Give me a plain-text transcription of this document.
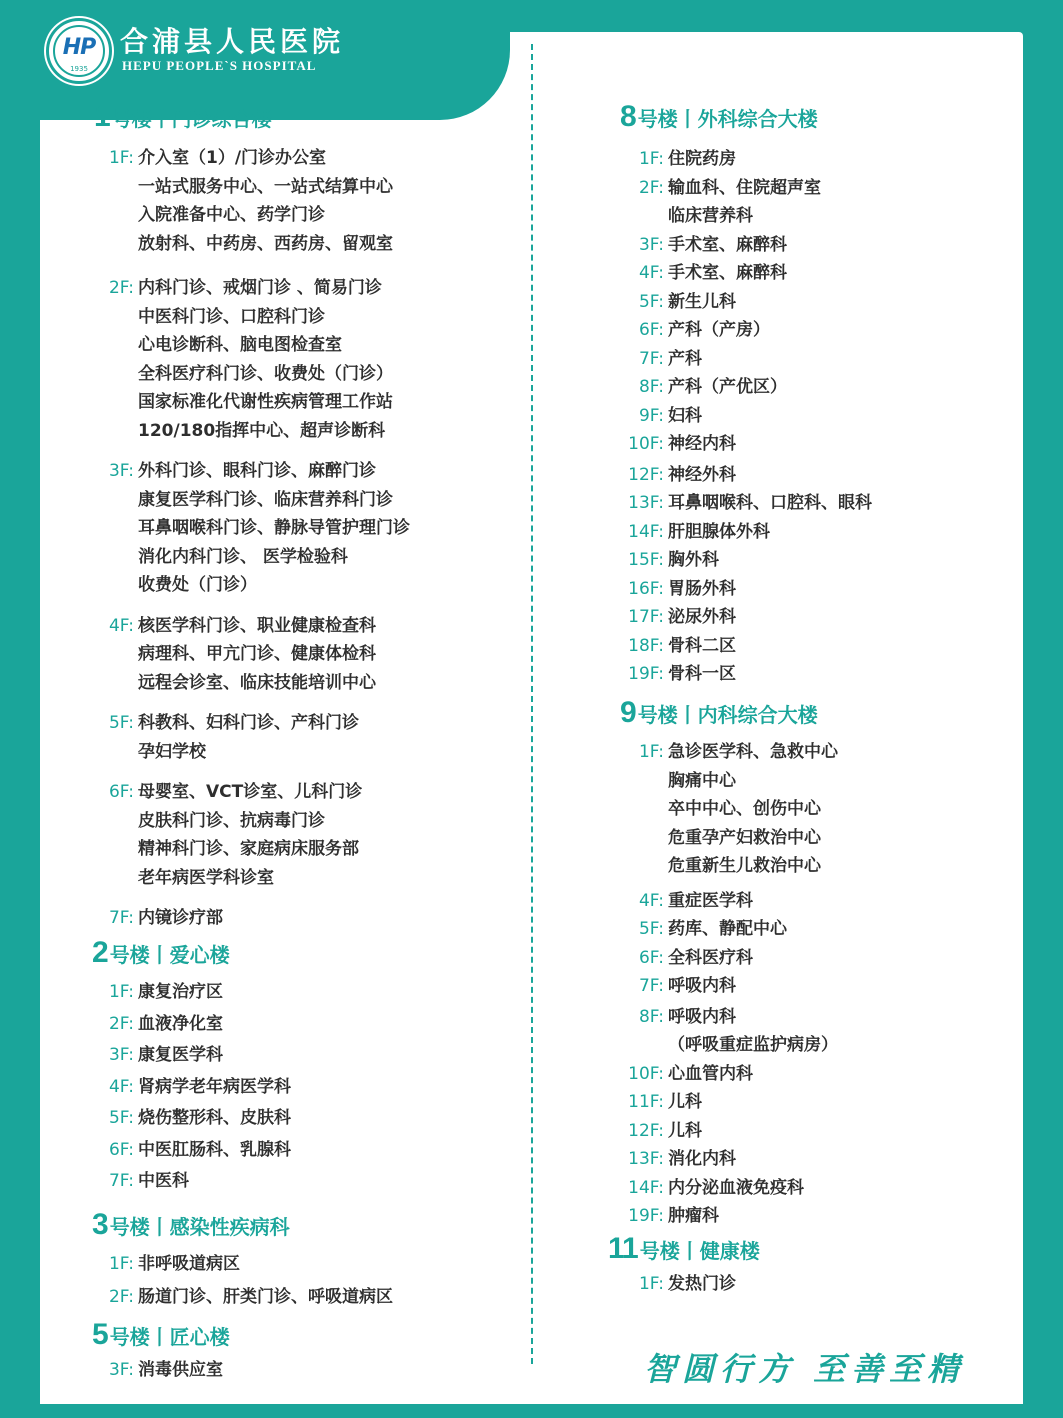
HP
1935
合浦县人民医院
HEPU PEOPLE`S HOSPITAL
1 号楼丨门诊综合楼
1F: 介入室（1）/门诊办公室
一站式服务中心、一站式结算中心
入院准备中心、药学门诊
放射科、中药房、西药房、留观室
2F: 内科门诊、戒烟门诊 、简易门诊
中医科门诊、口腔科门诊
心电诊断科、脑电图检查室
全科医疗科门诊、收费处（门诊）
国家标准化代谢性疾病管理工作站
120/180指挥中心、超声诊断科
3F: 外科门诊、眼科门诊、麻醉门诊
康复医学科门诊、临床营养科门诊
耳鼻咽喉科门诊、静脉导管护理门诊
消化内科门诊、 医学检验科
收费处（门诊）
4F: 核医学科门诊、职业健康检查科
病理科、甲亢门诊、健康体检科
远程会诊室、临床技能培训中心
5F: 科教科、妇科门诊、产科门诊
孕妇学校
6F: 母婴室、VCT诊室、儿科门诊
皮肤科门诊、抗病毒门诊
精神科门诊、家庭病床服务部
老年病医学科诊室
7F: 内镜诊疗部
2 号楼丨爱心楼
1F: 康复治疗区
2F: 血液净化室
3F: 康复医学科
4F: 肾病学老年病医学科
5F: 烧伤整形科、皮肤科
6F: 中医肛肠科、乳腺科
7F: 中医科
3 号楼丨感染性疾病科
1F: 非呼吸道病区
2F: 肠道门诊、肝类门诊、呼吸道病区
5 号楼丨匠心楼
3F: 消毒供应室
8 号楼丨外科综合大楼
1F: 住院药房
2F: 输血科、住院超声室
临床营养科
3F: 手术室、麻醉科
4F: 手术室、麻醉科
5F: 新生儿科
6F: 产科（产房）
7F: 产科
8F: 产科（产优区）
9F: 妇科
10F: 神经内科
12F: 神经外科
13F: 耳鼻咽喉科、口腔科、眼科
14F: 肝胆腺体外科
15F: 胸外科
16F: 胃肠外科
17F: 泌尿外科
18F: 骨科二区
19F: 骨科一区
9 号楼丨内科综合大楼
1F: 急诊医学科、急救中心
胸痛中心
卒中中心、创伤中心
危重孕产妇救治中心
危重新生儿救治中心
4F: 重症医学科
5F: 药库、静配中心
6F: 全科医疗科
7F: 呼吸内科
8F: 呼吸内科
（呼吸重症监护病房）
10F: 心血管内科
11F: 儿科
12F: 儿科
13F: 消化内科
14F: 内分泌血液免疫科
19F: 肿瘤科
11 号楼丨健康楼
1F: 发热门诊
智圆行方 至善至精
